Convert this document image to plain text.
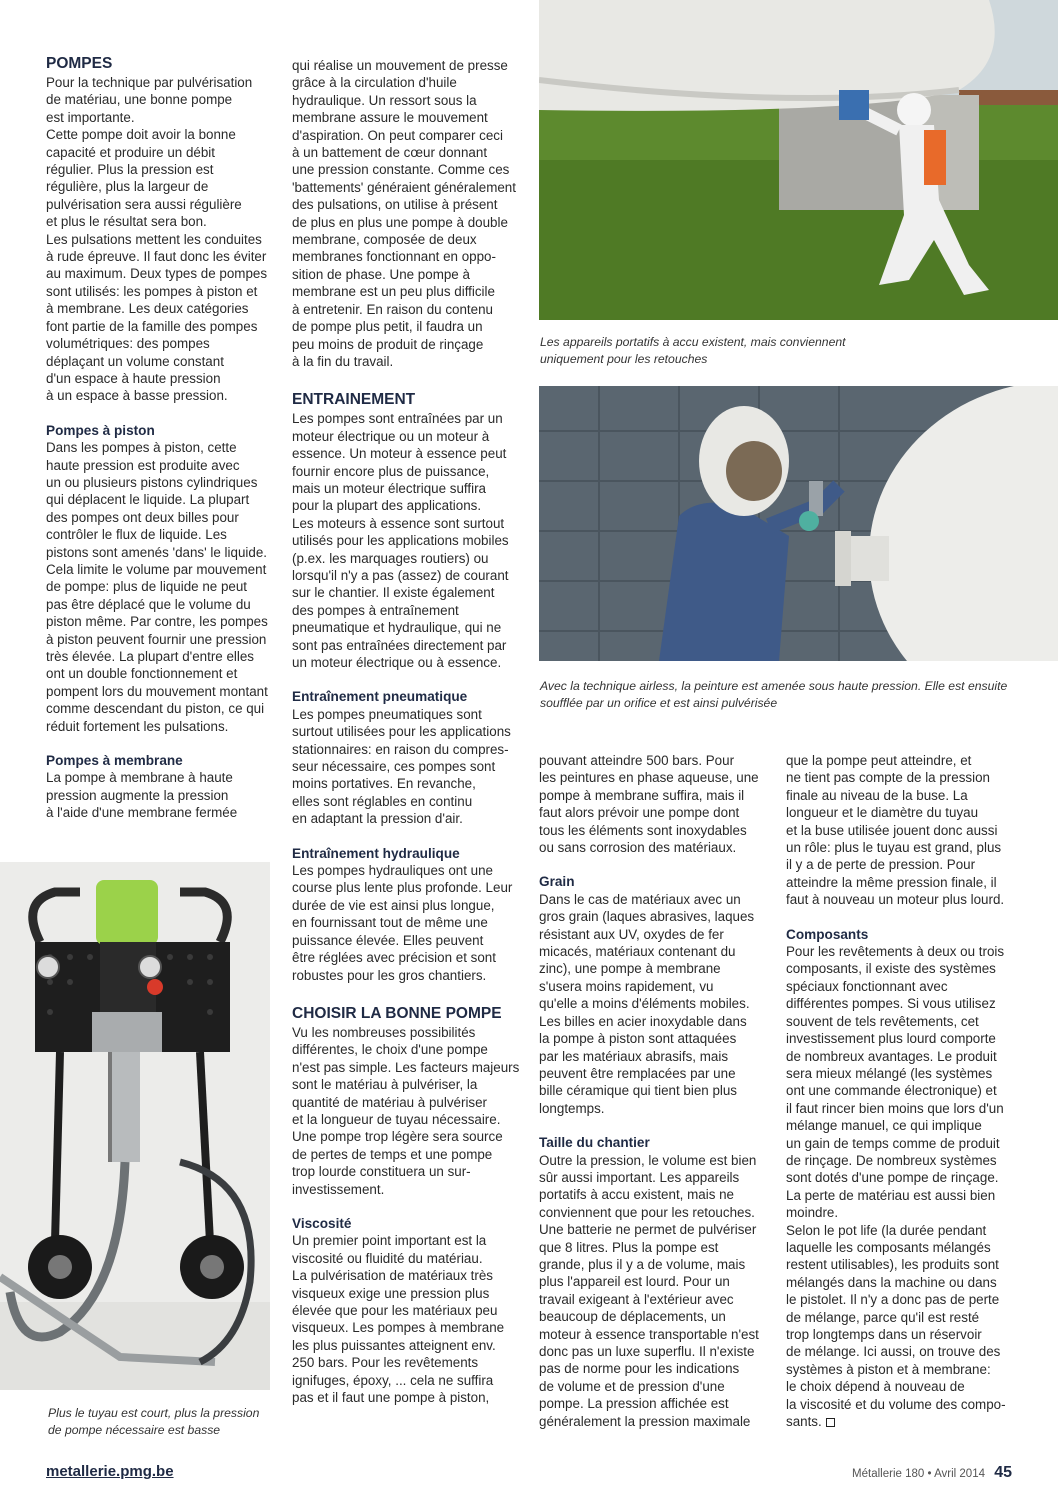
Les appareils portatifs à accu existent, mais conviennent
uniquement pour les retouches
Avec la technique airless, la peinture est amenée sous haute pression. Elle est ensuite
soufflée par un orifice et est ainsi pulvérisée
Plus le tuyau est court, plus la pression
de pompe nécessaire est basse

POMPES

Pour la technique par pulvérisation
de matériau, une bonne pompe
est importante.
Cette pompe doit avoir la bonne
capacité et produire un débit
régulier. Plus la pression est
régulière, plus la largeur de
pulvérisation sera aussi régulière
et plus le résultat sera bon.
Les pulsations mettent les conduites
à rude épreuve. Il faut donc les éviter
au maximum. Deux types de pompes
sont utilisés: les pompes à piston et
à membrane. Les deux catégories
font partie de la famille des pompes
volumétriques: des pompes
déplaçant un volume constant
d'un espace à haute pression
à un espace à basse pression.

Pompes à piston

Dans les pompes à piston, cette
haute pression est produite avec
un ou plusieurs pistons cylindriques
qui déplacent le liquide. La plupart
des pompes ont deux billes pour
contrôler le flux de liquide. Les
pistons sont amenés 'dans' le liquide.
Cela limite le volume par mouvement
de pompe: plus de liquide ne peut
pas être déplacé que le volume du
piston même. Par contre, les pompes
à piston peuvent fournir une pression
très élevée. La plupart d'entre elles
ont un double fonctionnement et
pompent lors du mouvement montant
comme descendant du piston, ce qui
réduit fortement les pulsations.

Pompes à membrane

La pompe à membrane à haute
pression augmente la pression
à l'aide d'une membrane fermée

qui réalise un mouvement de presse
grâce à la circulation d'huile
hydraulique. Un ressort sous la
membrane assure le mouvement
d'aspiration. On peut comparer ceci
à un battement de cœur donnant
une pression constante. Comme ces
'battements' généraient généralement
des pulsations, on utilise à présent
de plus en plus une pompe à double
membrane, composée de deux
membranes fonctionnant en oppo-
sition de phase. Une pompe à
membrane est un peu plus difficile
à entretenir. En raison du contenu
de pompe plus petit, il faudra un
peu moins de produit de rinçage
à la fin du travail.

ENTRAINEMENT

Les pompes sont entraînées par un
moteur électrique ou un moteur à
essence. Un moteur à essence peut
fournir encore plus de puissance,
mais un moteur électrique suffira
pour la plupart des applications.
Les moteurs à essence sont surtout
utilisés pour les applications mobiles
(p.ex. les marquages routiers) ou
lorsqu'il n'y a pas (assez) de courant
sur le chantier. Il existe également
des pompes à entraînement
pneumatique et hydraulique, qui ne
sont pas entraînées directement par
un moteur électrique ou à essence.

Entraînement pneumatique

Les pompes pneumatiques sont
surtout utilisées pour les applications
stationnaires: en raison du compres-
seur nécessaire, ces pompes sont
moins portatives. En revanche,
elles sont réglables en continu
en adaptant la pression d'air.

Entraînement hydraulique

Les pompes hydrauliques ont une
course plus lente plus profonde. Leur
durée de vie est ainsi plus longue,
en fournissant tout de même une
puissance élevée. Elles peuvent
être réglées avec précision et sont
robustes pour les gros chantiers.

CHOISIR LA BONNE POMPE

Vu les nombreuses possibilités
différentes, le choix d'une pompe
n'est pas simple. Les facteurs majeurs
sont le matériau à pulvériser, la
quantité de matériau à pulvériser
et la longueur de tuyau nécessaire.
Une pompe trop légère sera source
de pertes de temps et une pompe
trop lourde constituera un sur-
investissement.

Viscosité

Un premier point important est la
viscosité ou fluidité du matériau.
La pulvérisation de matériaux très
visqueux exige une pression plus
élevée que pour les matériaux peu
visqueux. Les pompes à membrane
les plus puissantes atteignent env.
250 bars. Pour les revêtements
ignifuges, époxy, ... cela ne suffira
pas et il faut une pompe à piston,

pouvant atteindre 500 bars. Pour
les peintures en phase aqueuse, une
pompe à membrane suffira, mais il
faut alors prévoir une pompe dont
tous les éléments sont inoxydables
ou sans corrosion des matériaux.

Grain

Dans le cas de matériaux avec un
gros grain (laques abrasives, laques
résistant aux UV, oxydes de fer
micacés, matériaux contenant du
zinc), une pompe à membrane
s'usera moins rapidement, vu
qu'elle a moins d'éléments mobiles.
Les billes en acier inoxydable dans
la pompe à piston sont attaquées
par les matériaux abrasifs, mais
peuvent être remplacées par une
bille céramique qui tient bien plus
longtemps.

Taille du chantier

Outre la pression, le volume est bien
sûr aussi important. Les appareils
portatifs à accu existent, mais ne
conviennent que pour les retouches.
Une batterie ne permet de pulvériser
que 8 litres. Plus la pompe est
grande, plus il y a de volume, mais
plus l'appareil est lourd. Pour un
travail exigeant à l'extérieur avec
beaucoup de déplacements, un
moteur à essence transportable n'est
donc pas un luxe superflu. Il n'existe
pas de norme pour les indications
de volume et de pression d'une
pompe. La pression affichée est
généralement la pression maximale

que la pompe peut atteindre, et
ne tient pas compte de la pression
finale au niveau de la buse. La
longueur et le diamètre du tuyau
et la buse utilisée jouent donc aussi
un rôle: plus le tuyau est grand, plus
il y a de perte de pression. Pour
atteindre la même pression finale, il
faut à nouveau un moteur plus lourd.

Composants

Pour les revêtements à deux ou trois
composants, il existe des systèmes
spéciaux fonctionnant avec
différentes pompes. Si vous utilisez
souvent de tels revêtements, cet
investissement plus lourd comporte
de nombreux avantages. Le produit
sera mieux mélangé (les systèmes
ont une commande électronique) et
il faut rincer bien moins que lors d'un
mélange manuel, ce qui implique
un gain de temps comme de produit
de rinçage. De nombreux systèmes
sont dotés d'une pompe de rinçage.
La perte de matériau est aussi bien
moindre.
Selon le pot life (la durée pendant
laquelle les composants mélangés
restent utilisables), les produits sont
mélangés dans la machine ou dans
le pistolet. Il n'y a donc pas de perte
de mélange, parce qu'il est resté
trop longtemps dans un réservoir
de mélange. Ici aussi, on trouve des
systèmes à piston et à membrane:
le choix dépend à nouveau de
la viscosité et du volume des compo-
sants.

metallerie.pmg.be	Métallerie 180 • Avril 2014 45
